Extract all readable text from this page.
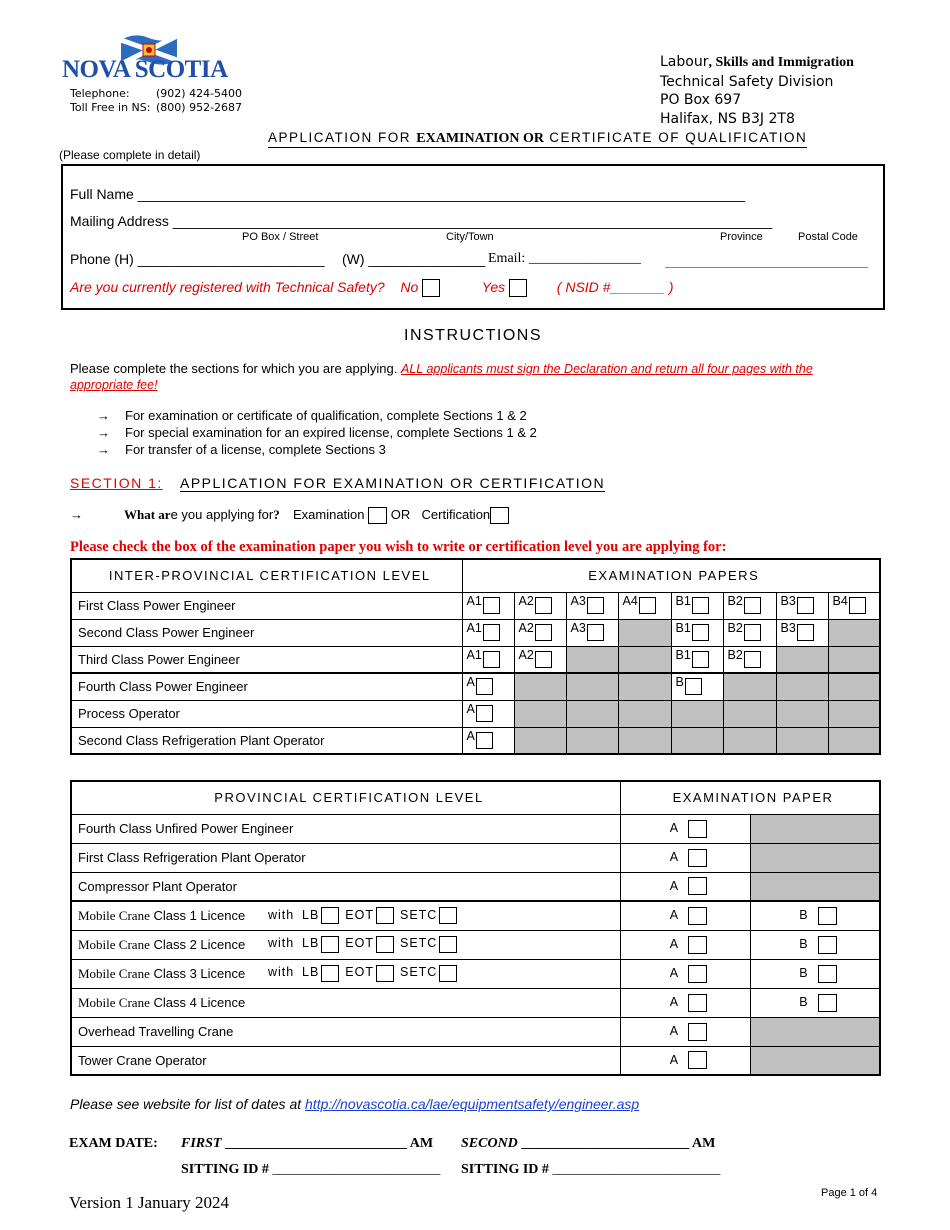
NOVA SCOTIA
Telephone: (902) 424-5400
Toll Free in NS: (800) 952-2687
Labour, Skills and Immigration
Technical Safety Division
PO Box 697
Halifax, NS B3J 2T8
APPLICATION FOR EXAMINATION OR CERTIFICATE OF QUALIFICATION
(Please complete in detail)
Full Name ______________________________________________________________________________
Mailing Address _____________________________________________________________________________
PO Box / Street	City/Town	Province	Postal Code
Phone (H) ________________________ (W) _______________ Email: ________________
Are you currently registered with Technical Safety? No	Yes	( NSID #_______ )
INSTRUCTIONS
Please complete the sections for which you are applying. ALL applicants must sign the Declaration and return all four pages with the appropriate fee!
→ For examination or certificate of qualification, complete Sections 1 & 2
→ For special examination for an expired license, complete Sections 1 & 2
→ For transfer of a license, complete Sections 3
SECTION 1: APPLICATION FOR EXAMINATION OR CERTIFICATION
→	What are you applying for? Examination OR Certification
Please check the box of the examination paper you wish to write or certification level you are applying for:
INTER-PROVINCIAL CERTIFICATION LEVEL	EXAMINATION PAPERS							
First Class Power Engineer	A1	A2	A3	A4	B1	B2	B3	B4
Second Class Power Engineer	A1	A2	A3		B1	B2	B3	
Third Class Power Engineer	A1	A2			B1	B2		
Fourth Class Power Engineer	A				B			
Process Operator	A							
Second Class Refrigeration Plant Operator	A							
PROVINCIAL CERTIFICATION LEVEL	EXAMINATION PAPER	
Fourth Class Unfired Power Engineer	A	
First Class Refrigeration Plant Operator	A	
Compressor Plant Operator	A	
Mobile Crane Class 1 Licence with LB EOT SETC	A	B
Mobile Crane Class 2 Licence with LB EOT SETC	A	B
Mobile Crane Class 3 Licence with LB EOT SETC	A	B
Mobile Crane Class 4 Licence	A	B
Overhead Travelling Crane	A	
Tower Crane Operator	A	
Please see website for list of dates at http://novascotia.ca/lae/equipmentsafety/engineer.asp
EXAM DATE: FIRST __________________________ AM SECOND ________________________ AM
SITTING ID # ________________________ SITTING ID # ________________________
Version 1 January 2024	Page 1 of 4
